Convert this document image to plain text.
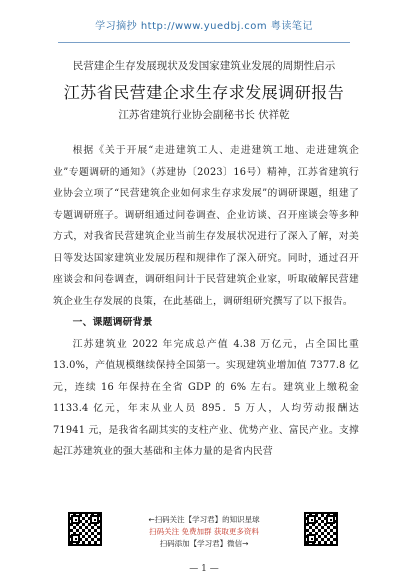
学习摘抄 http://www.yuedbj.com 粤读笔记
民营建企生存发展现状及发国家建筑业发展的周期性启示
江苏省民营建企求生存求发展调研报告
江苏省建筑行业协会副秘书长 伏祥乾

根据《关于开展“走进建筑工人、走进建筑工地、走进建筑企业”专题调研的通知》（苏建协〔2023〕16号）精神，江苏省建筑行业协会立项了“民营建筑企业如何求生存求发展”的调研课题，组建了专题调研班子。调研组通过问卷调查、企业访谈、召开座谈会等多种方式，对我省民营建筑企业当前生存发展状况进行了深入了解，对美日等发达国家建筑业发展历程和规律作了深入研究。同时，通过召开座谈会和问卷调查，调研组问计于民营建筑企业家，听取破解民营建筑企业生存发展的良策，在此基础上，调研组研究撰写了以下报告。

一、课题调研背景

江苏建筑业 2022 年完成总产值 4.38 万亿元，占全国比重 13.0%，产值规模继续保持全国第一。实现建筑业增加值 7377.8 亿元，连续 16 年保持在全省 GDP 的 6% 左右。建筑业上缴税金 1133.4 亿元，年末从业人员 895．5 万人，人均劳动报酬达 71941 元，是我省名副其实的支柱产业、优势产业、富民产业。支撑起江苏建筑业的强大基础和主体力量的是省内民营

←扫码关注【学习君】的知识星球
扫码关注 免费加群 获取更多资料
扫码添加【学习君】微信→
— 1 —
